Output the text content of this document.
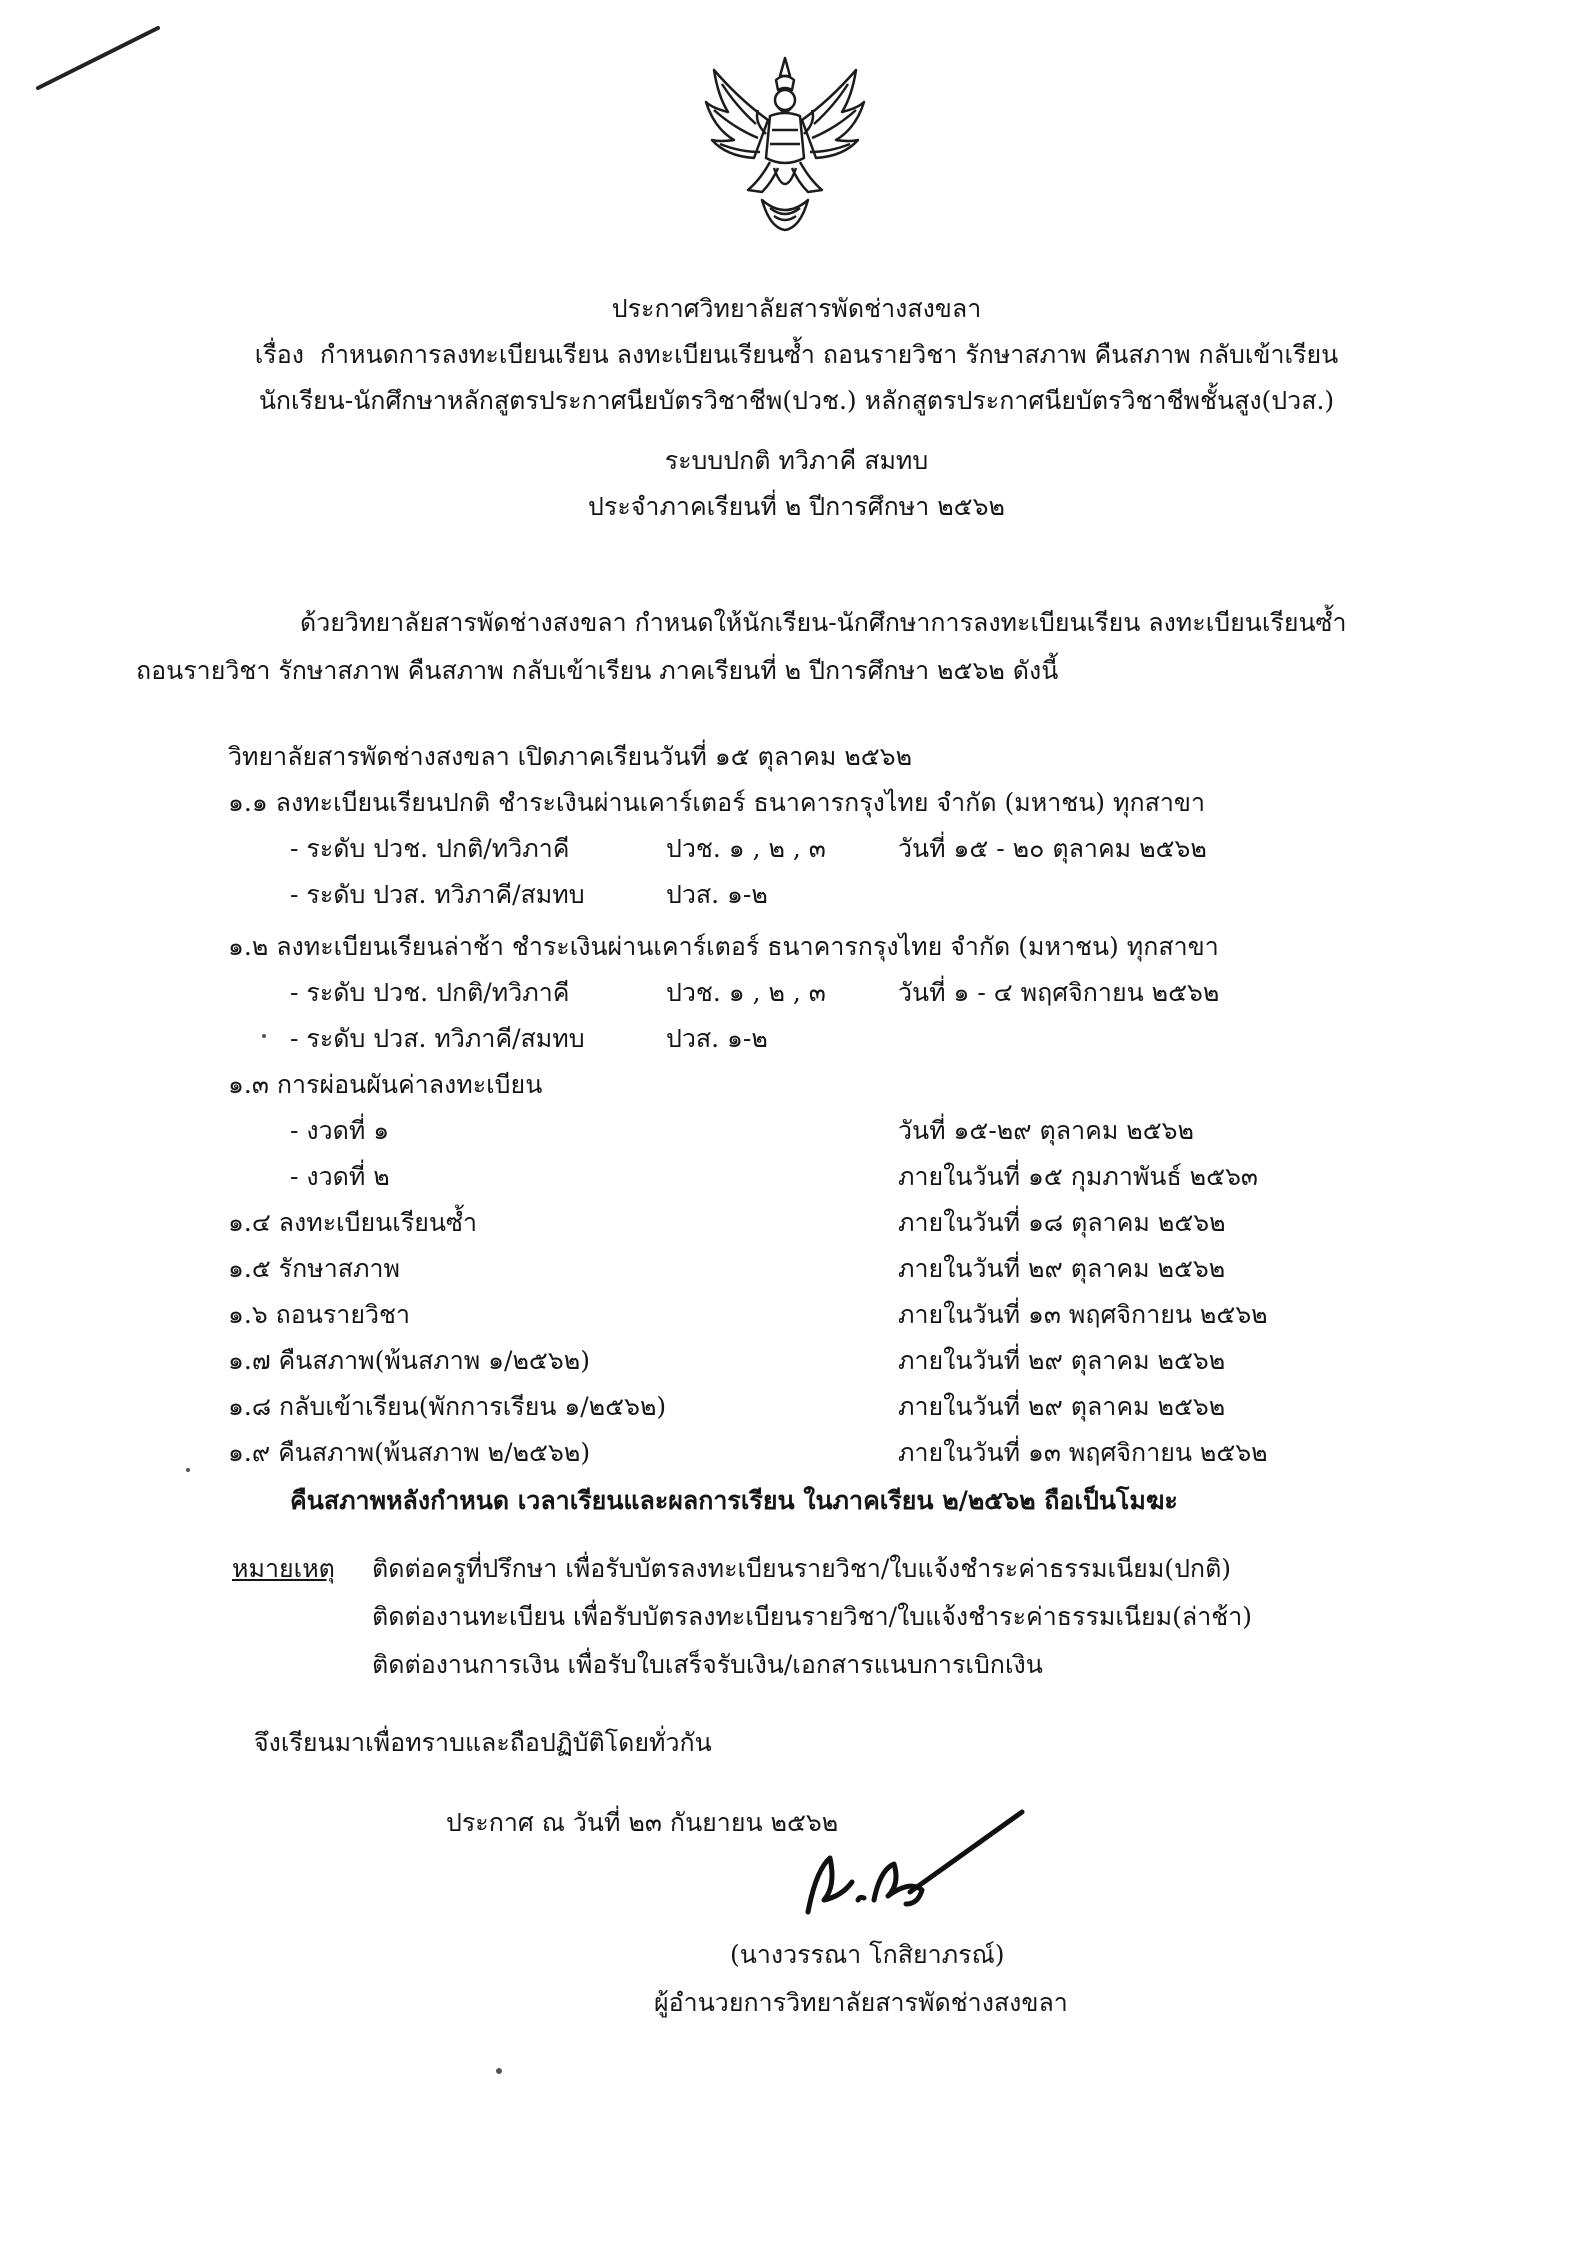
ประกาศวิทยาลัยสารพัดช่างสงขลา
เรื่อง กำหนดการลงทะเบียนเรียน ลงทะเบียนเรียนซ้ำ ถอนรายวิชา รักษาสภาพ คืนสภาพ กลับเข้าเรียน
นักเรียน-นักศึกษาหลักสูตรประกาศนียบัตรวิชาชีพ(ปวช.) หลักสูตรประกาศนียบัตรวิชาชีพชั้นสูง(ปวส.)
ระบบปกติ ทวิภาคี สมทบ
ประจำภาคเรียนที่ ๒ ปีการศึกษา ๒๕๖๒
ด้วยวิทยาลัยสารพัดช่างสงขลา กำหนดให้นักเรียน-นักศึกษาการลงทะเบียนเรียน ลงทะเบียนเรียนซ้ำ
ถอนรายวิชา รักษาสภาพ คืนสภาพ กลับเข้าเรียน ภาคเรียนที่ ๒ ปีการศึกษา ๒๕๖๒ ดังนี้
วิทยาลัยสารพัดช่างสงขลา เปิดภาคเรียนวันที่ ๑๕ ตุลาคม ๒๕๖๒
๑.๑ ลงทะเบียนเรียนปกติ ชำระเงินผ่านเคาร์เตอร์ ธนาคารกรุงไทย จำกัด (มหาชน) ทุกสาขา
- ระดับ ปวช. ปกติ/ทวิภาคี	ปวช. ๑ , ๒ , ๓	วันที่ ๑๕ - ๒๐ ตุลาคม ๒๕๖๒
- ระดับ ปวส. ทวิภาคี/สมทบ	ปวส. ๑-๒
๑.๒ ลงทะเบียนเรียนล่าช้า ชำระเงินผ่านเคาร์เตอร์ ธนาคารกรุงไทย จำกัด (มหาชน) ทุกสาขา
- ระดับ ปวช. ปกติ/ทวิภาคี	ปวช. ๑ , ๒ , ๓	วันที่ ๑ - ๔ พฤศจิกายน ๒๕๖๒
- ระดับ ปวส. ทวิภาคี/สมทบ	ปวส. ๑-๒
๑.๓ การผ่อนผันค่าลงทะเบียน
- งวดที่ ๑	วันที่ ๑๕-๒๙ ตุลาคม ๒๕๖๒
- งวดที่ ๒	ภายในวันที่ ๑๕ กุมภาพันธ์ ๒๕๖๓
๑.๔ ลงทะเบียนเรียนซ้ำ	ภายในวันที่ ๑๘ ตุลาคม ๒๕๖๒
๑.๕ รักษาสภาพ	ภายในวันที่ ๒๙ ตุลาคม ๒๕๖๒
๑.๖ ถอนรายวิชา	ภายในวันที่ ๑๓ พฤศจิกายน ๒๕๖๒
๑.๗ คืนสภาพ(พ้นสภาพ ๑/๒๕๖๒)	ภายในวันที่ ๒๙ ตุลาคม ๒๕๖๒
๑.๘ กลับเข้าเรียน(พักการเรียน ๑/๒๕๖๒)	ภายในวันที่ ๒๙ ตุลาคม ๒๕๖๒
๑.๙ คืนสภาพ(พ้นสภาพ ๒/๒๕๖๒)	ภายในวันที่ ๑๓ พฤศจิกายน ๒๕๖๒
คืนสภาพหลังกำหนด เวลาเรียนและผลการเรียน ในภาคเรียน ๒/๒๕๖๒ ถือเป็นโมฆะ
หมายเหตุ ติดต่อครูที่ปรึกษา เพื่อรับบัตรลงทะเบียนรายวิชา/ใบแจ้งชำระค่าธรรมเนียม(ปกติ)
ติดต่องานทะเบียน เพื่อรับบัตรลงทะเบียนรายวิชา/ใบแจ้งชำระค่าธรรมเนียม(ล่าช้า)
ติดต่องานการเงิน เพื่อรับใบเสร็จรับเงิน/เอกสารแนบการเบิกเงิน
จึงเรียนมาเพื่อทราบและถือปฏิบัติโดยทั่วกัน
ประกาศ ณ วันที่ ๒๓ กันยายน ๒๕๖๒
(นางวรรณา โกสิยาภรณ์)
ผู้อำนวยการวิทยาลัยสารพัดช่างสงขลา
